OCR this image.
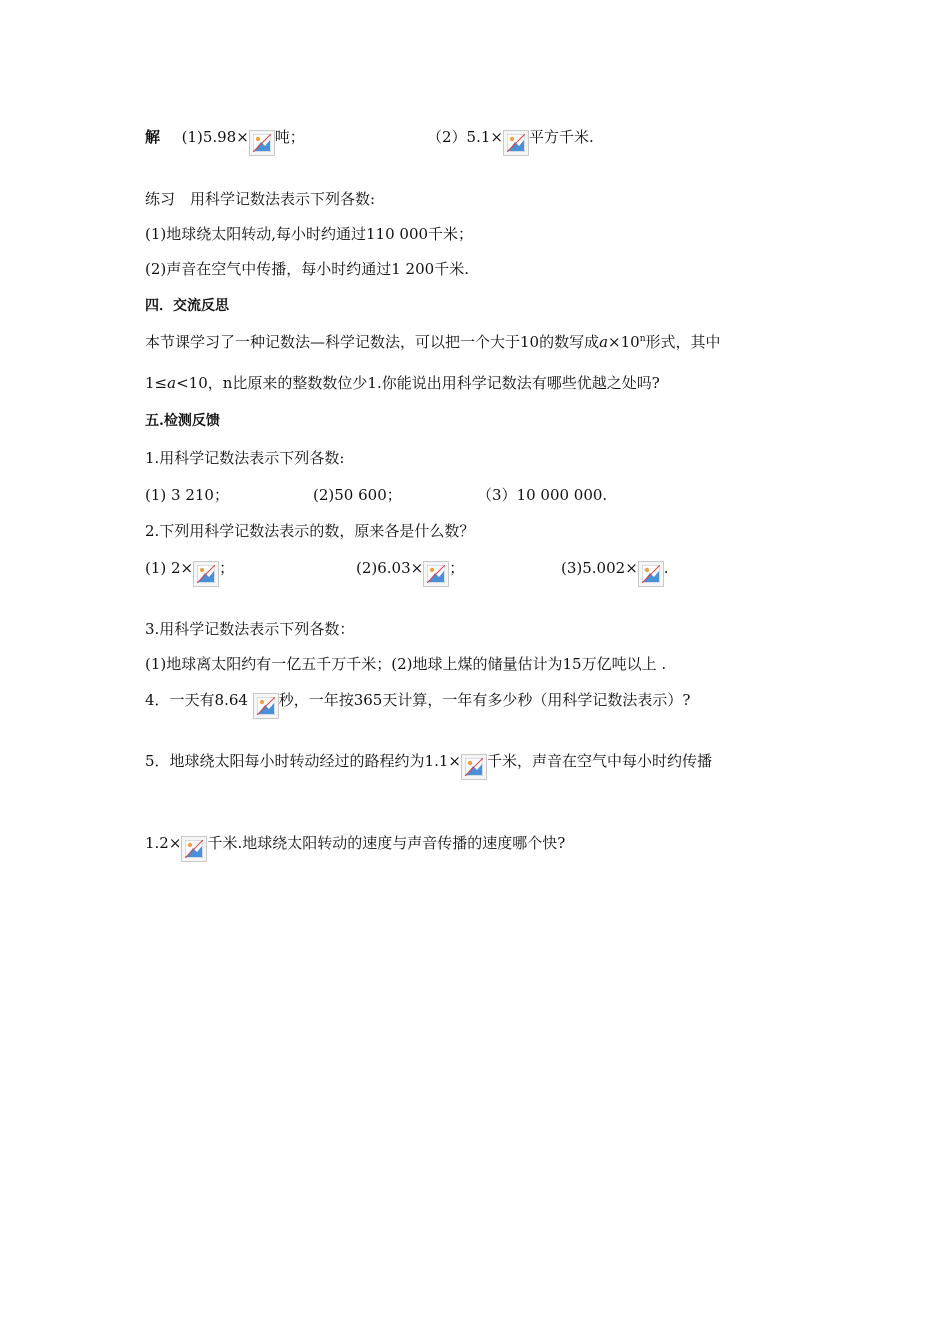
解 (1)5.98× 吨；	（2）5.1× 平方千米.
练习　用科学记数法表示下列各数:
(1)地球绕太阳转动,每小时约通过110 000千米；
(2)声音在空气中传播，每小时约通过1 200千米.
四．交流反思
本节课学习了一种记数法—科学记数法，可以把一个大于10的数写成$a\times 10^n$形式，其中
1≤a<10，n比原来的整数数位少1.你能说出用科学记数法有哪些优越之处吗?
五.检测反馈
1.用科学记数法表示下列各数:
(1) 3 210；	(2)50 600；	（3）10 000 000.
2.下列用科学记数法表示的数，原来各是什么数？
(1) 2× ；	(2)6.03× ；	(3)5.002× .
3.用科学记数法表示下列各数：
(1)地球离太阳约有一亿五千万千米；(2)地球上煤的储量估计为15万亿吨以上 .
4．一天有8.64
秒，一年按365天计算，一年有多少秒（用科学记数法表示）?
5．地球绕太阳每小时转动经过的路程约为1.1× 千米，声音在空气中每小时约传播
1.2× 千米.地球绕太阳转动的速度与声音传播的速度哪个快?
